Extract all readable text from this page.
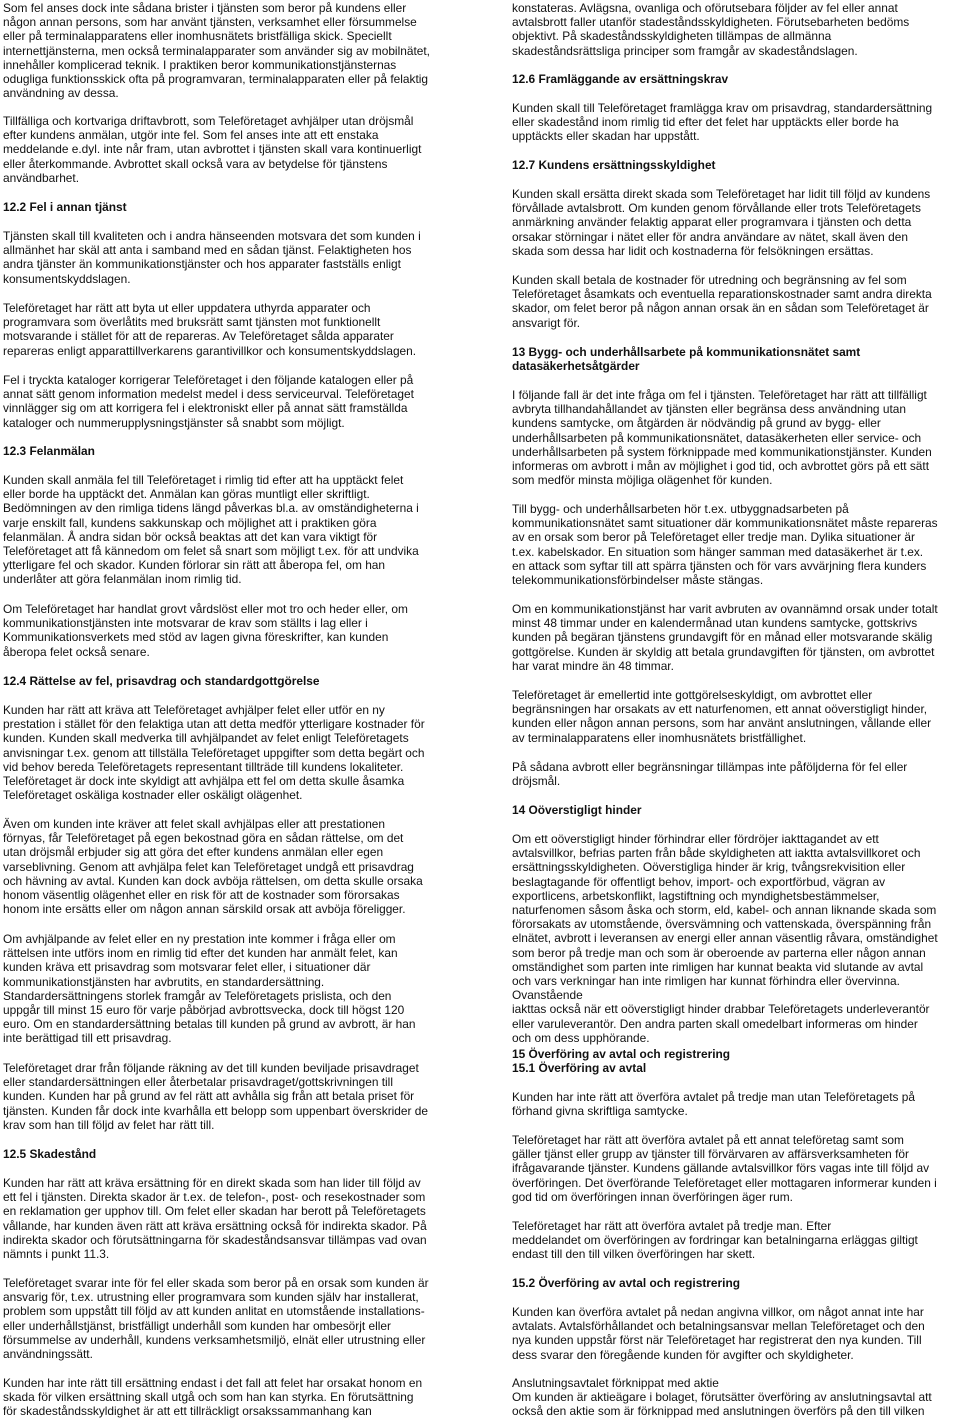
Som fel anses dock inte sådana brister i tjänsten som beror på kundens eller
någon annan persons, som har använt tjänsten, verksamhet eller försummelse
eller på terminalapparatens eller inomhusnätets bristfälliga skick. Speciellt
internettjänsterna, men också terminalapparater som använder sig av mobilnätet,
innehåller komplicerad teknik. I praktiken beror kommunikationstjänsternas
odugliga funktionsskick ofta på programvaran, terminalapparaten eller på felaktig
användning av dessa.

Tillfälliga och kortvariga driftavbrott, som Teleföretaget avhjälper utan dröjsmål
efter kundens anmälan, utgör inte fel. Som fel anses inte att ett enstaka
meddelande e.dyl. inte når fram, utan avbrottet i tjänsten skall vara kontinuerligt
eller återkommande. Avbrottet skall också vara av betydelse för tjänstens
användbarhet.

12.2 Fel i annan tjänst

Tjänsten skall till kvaliteten och i andra hänseenden motsvara det som kunden i
allmänhet har skäl att anta i samband med en sådan tjänst. Felaktigheten hos
andra tjänster än kommunikationstjänster och hos apparater fastställs enligt
konsumentskyddslagen.

Teleföretaget har rätt att byta ut eller uppdatera uthyrda apparater och
programvara som överlåtits med bruksrätt samt tjänsten mot funktionellt
motsvarande i stället för att de repareras. Av Teleföretaget sålda apparater
repareras enligt apparattillverkarens garantivillkor och konsumentskyddslagen.

Fel i tryckta kataloger korrigerar Teleföretaget i den följande katalogen eller på
annat sätt genom information medelst medel i dess serviceurval. Teleföretaget
vinnlägger sig om att korrigera fel i elektroniskt eller på annat sätt framställda
kataloger och nummerupplysningstjänster så snabbt som möjligt.

12.3 Felanmälan

Kunden skall anmäla fel till Teleföretaget i rimlig tid efter att ha upptäckt felet
eller borde ha upptäckt det. Anmälan kan göras muntligt eller skriftligt.
Bedömningen av den rimliga tidens längd påverkas bl.a. av omständigheterna i
varje enskilt fall, kundens sakkunskap och möjlighet att i praktiken göra
felanmälan. Å andra sidan bör också beaktas att det kan vara viktigt för
Teleföretaget att få kännedom om felet så snart som möjligt t.ex. för att undvika
ytterligare fel och skador. Kunden förlorar sin rätt att åberopa fel, om han
underlåter att göra felanmälan inom rimlig tid.

Om Teleföretaget har handlat grovt vårdslöst eller mot tro och heder eller, om
kommunikationstjänsten inte motsvarar de krav som ställts i lag eller i
Kommunikationsverkets med stöd av lagen givna föreskrifter, kan kunden
åberopa felet också senare.

12.4 Rättelse av fel, prisavdrag och standardgottgörelse

Kunden har rätt att kräva att Teleföretaget avhjälper felet eller utför en ny
prestation i stället för den felaktiga utan att detta medför ytterligare kostnader för
kunden. Kunden skall medverka till avhjälpandet av felet enligt Teleföretagets
anvisningar t.ex. genom att tillställa Teleföretaget uppgifter som detta begärt och
vid behov bereda Teleföretagets representant tillträde till kundens lokaliteter.
Teleföretaget är dock inte skyldigt att avhjälpa ett fel om detta skulle åsamka
Teleföretaget oskäliga kostnader eller oskäligt olägenhet.

Även om kunden inte kräver att felet skall avhjälpas eller att prestationen
förnyas, får Teleföretaget på egen bekostnad göra en sådan rättelse, om det
utan dröjsmål erbjuder sig att göra det efter kundens anmälan eller egen
varseblivning. Genom att avhjälpa felet kan Teleföretaget undgå ett prisavdrag
och hävning av avtal. Kunden kan dock avböja rättelsen, om detta skulle orsaka
honom väsentlig olägenhet eller en risk för att de kostnader som förorsakas
honom inte ersätts eller om någon annan särskild orsak att avböja föreligger.

Om avhjälpande av felet eller en ny prestation inte kommer i fråga eller om
rättelsen inte utförs inom en rimlig tid efter det kunden har anmält felet, kan
kunden kräva ett prisavdrag som motsvarar felet eller, i situationer där
kommunikationstjänsten har avbrutits, en standardersättning.
Standardersättningens storlek framgår av Teleföretagets prislista, och den
uppgår till minst 15 euro för varje påbörjad avbrottsvecka, dock till högst 120
euro. Om en standardersättning betalas till kunden på grund av avbrott, är han
inte berättigad till ett prisavdrag.

Teleföretaget drar från följande räkning av det till kunden beviljade prisavdraget
eller standardersättningen eller återbetalar prisavdraget/gottskrivningen till
kunden. Kunden har på grund av fel rätt att avhålla sig från att betala priset för
tjänsten. Kunden får dock inte kvarhålla ett belopp som uppenbart överskrider de
krav som han till följd av felet har rätt till.

12.5 Skadestånd

Kunden har rätt att kräva ersättning för en direkt skada som han lider till följd av
ett fel i tjänsten. Direkta skador är t.ex. de telefon-, post- och resekostnader som
en reklamation ger upphov till. Om felet eller skadan har berott på Teleföretagets
vållande, har kunden även rätt att kräva ersättning också för indirekta skador. På
indirekta skador och förutsättningarna för skadeståndsansvar tillämpas vad ovan
nämnts i punkt 11.3.

Teleföretaget svarar inte för fel eller skada som beror på en orsak som kunden är
ansvarig för, t.ex. utrustning eller programvara som kunden själv har installerat,
problem som uppstått till följd av att kunden anlitat en utomstående installations-
eller underhållstjänst, bristfälligt underhåll som kunden har ombesörjt eller
försummelse av underhåll, kundens verksamhetsmiljö, elnät eller utrustning eller
användningssätt.

Kunden har inte rätt till ersättning endast i det fall att felet har orsakat honom en
skada för vilken ersättning skall utgå och som han kan styrka. En förutsättning
för skadeståndsskyldighet är att ett tillräckligt orsakssammanhang kan

konstateras. Avlägsna, ovanliga och oförutsebara följder av fel eller annat
avtalsbrott faller utanför stadeståndsskyldigheten. Förutsebarheten bedöms
objektivt. På skadeståndsskyldigheten tillämpas de allmänna
skadeståndsrättsliga principer som framgår av skadeståndslagen.

12.6 Framläggande av ersättningskrav

Kunden skall till Teleföretaget framlägga krav om prisavdrag, standardersättning
eller skadestånd inom rimlig tid efter det felet har upptäckts eller borde ha
upptäckts eller skadan har uppstått.

12.7 Kundens ersättningsskyldighet

Kunden skall ersätta direkt skada som Teleföretaget har lidit till följd av kundens
förvållade avtalsbrott. Om kunden genom förvållande eller trots Teleföretagets
anmärkning använder felaktig apparat eller programvara i tjänsten och detta
orsakar störningar i nätet eller för andra användare av nätet, skall även den
skada som dessa har lidit och kostnaderna för felsökningen ersättas.

Kunden skall betala de kostnader för utredning och begränsning av fel som
Teleföretaget åsamkats och eventuella reparationskostnader samt andra direkta
skador, om felet beror på någon annan orsak än en sådan som Teleföretaget är
ansvarigt för.

13 Bygg- och underhållsarbete på kommunikationsnätet samt
datasäkerhetsåtgärder

I följande fall är det inte fråga om fel i tjänsten. Teleföretaget har rätt att tillfälligt
avbryta tillhandahållandet av tjänsten eller begränsa dess användning utan
kundens samtycke, om åtgärden är nödvändig på grund av bygg- eller
underhållsarbeten på kommunikationsnätet, datasäkerheten eller service- och
underhållsarbeten på system förknippade med kommunikationstjänster. Kunden
informeras om avbrott i mån av möjlighet i god tid, och avbrottet görs på ett sätt
som medför minsta möjliga olägenhet för kunden.

Till bygg- och underhållsarbeten hör t.ex. utbyggnadsarbeten på
kommunikationsnätet samt situationer där kommunikationsnätet måste repareras
av en orsak som beror på Teleföretaget eller tredje man. Dylika situationer är
t.ex. kabelskador. En situation som hänger samman med datasäkerhet är t.ex.
en attack som syftar till att spärra tjänsten och för vars avvärjning flera kunders
telekommunikationsförbindelser måste stängas.

Om en kommunikationstjänst har varit avbruten av ovannämnd orsak under totalt
minst 48 timmar under en kalendermånad utan kundens samtycke, gottskrivs
kunden på begäran tjänstens grundavgift för en månad eller motsvarande skälig
gottgörelse. Kunden är skyldig att betala grundavgiften för tjänsten, om avbrottet
har varat mindre än 48 timmar.

Teleföretaget är emellertid inte gottgörelseskyldigt, om avbrottet eller
begränsningen har orsakats av ett naturfenomen, ett annat oöverstigligt hinder,
kunden eller någon annan persons, som har använt anslutningen, vållande eller
av terminalapparatens eller inomhusnätets bristfällighet.

På sådana avbrott eller begränsningar tillämpas inte påföljderna för fel eller
dröjsmål.

14 Oöverstigligt hinder

Om ett oöverstigligt hinder förhindrar eller fördröjer iakttagandet av ett
avtalsvillkor, befrias parten från både skyldigheten att iaktta avtalsvillkoret och
ersättningsskyldigheten. Oöverstigliga hinder är krig, tvångsrekvisition eller
beslagtagande för offentligt behov, import- och exportförbud, vägran av
exportlicens, arbetskonflikt, lagstiftning och myndighetsbestämmelser,
naturfenomen såsom åska och storm, eld, kabel- och annan liknande skada som
förorsakats av utomstående, översvämning och vattenskada, överspänning från
elnätet, avbrott i leveransen av energi eller annan väsentlig råvara, omständighet
som beror på tredje man och som är oberoende av parterna eller någon annan
omständighet som parten inte rimligen har kunnat beakta vid slutande av avtal
och vars verkningar han inte rimligen har kunnat förhindra eller övervinna. Ovanstående
iakttas också när ett oöverstigligt hinder drabbar Teleföretagets underleverantör
eller varuleverantör. Den andra parten skall omedelbart informeras om hinder
och om dess upphörande.

15 Överföring av avtal och registrering
15.1 Överföring av avtal

Kunden har inte rätt att överföra avtalet på tredje man utan Teleföretagets på
förhand givna skriftliga samtycke.

Teleföretaget har rätt att överföra avtalet på ett annat teleföretag samt som
gäller tjänst eller grupp av tjänster till förvärvaren av affärsverksamheten för
ifrågavarande tjänster. Kundens gällande avtalsvillkor förs vagas inte till följd av
överföringen. Det överförande Teleföretaget eller mottagaren informerar kunden i
god tid om överföringen innan överföringen äger rum.

Teleföretaget har rätt att överföra avtalet på tredje man. Efter
meddelandet om överföringen av fordringar kan betalningarna erläggas giltigt
endast till den till vilken överföringen har skett.

15.2 Överföring av avtal och registrering

Kunden kan överföra avtalet på nedan angivna villkor, om något annat inte har
avtalats. Avtalsförhållandet och betalningsansvar mellan Teleföretaget och den
nya kunden uppstår först när Teleföretaget har registrerat den nya kunden. Till
dess svarar den föregående kunden för avgifter och skyldigheter.

Anslutningsavtalet förknippat med aktie
Om kunden är aktieägare i bolaget, förutsätter överföring av anslutningsavtal att
också den aktie som är förknippad med anslutningen överförs på den till vilken
